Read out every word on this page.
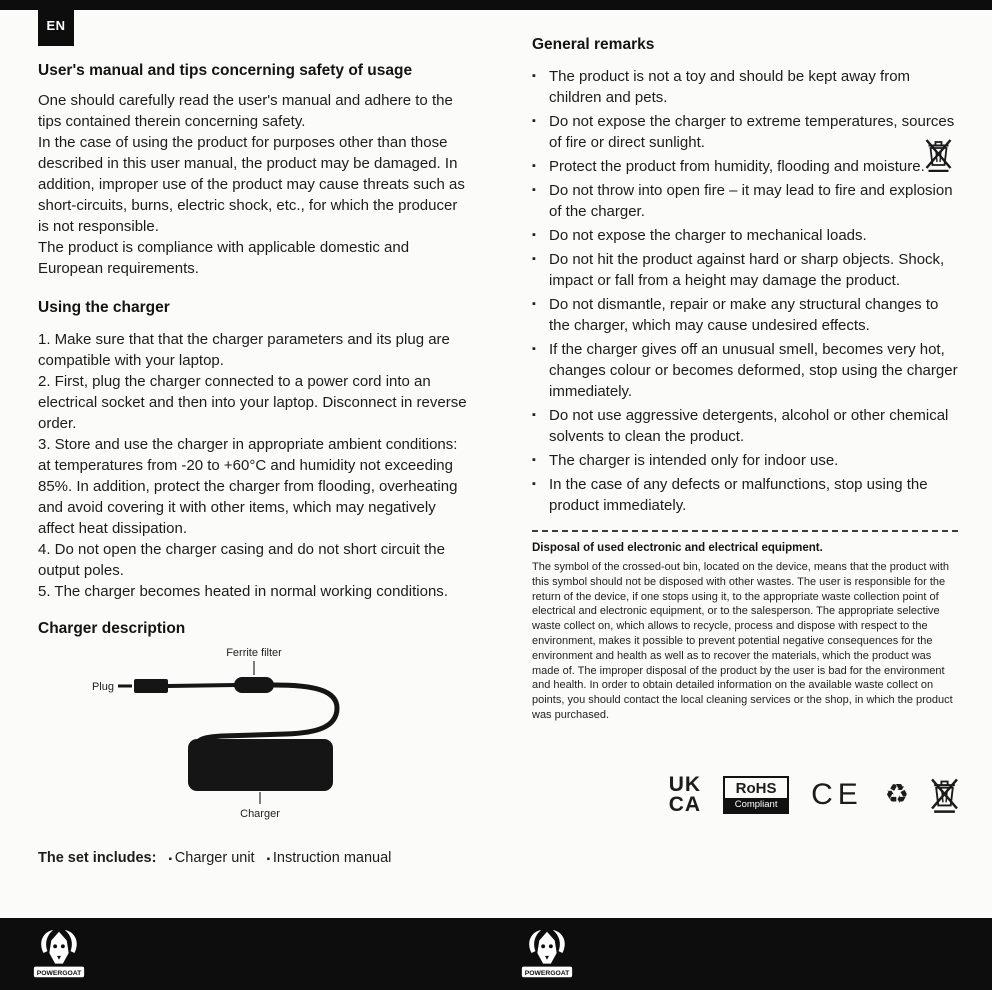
EN
User's manual and tips concerning safety of usage

One should carefully read the user's manual and adhere to the tips contained therein concerning safety.

In the case of using the product for purposes other than those described in this user manual, the product may be damaged. In addition, improper use of the product may cause threats such as short-circuits, burns, electric shock, etc., for which the producer is not responsible.

The product is compliance with applicable domestic and European requirements.

Using the charger

1. Make sure that that the charger parameters and its plug are compatible with your laptop.

2. First, plug the charger connected to a power cord into an electrical socket and then into your laptop. Disconnect in reverse order.

3. Store and use the charger in appropriate ambient conditions: at temperatures from -20 to +60°C and humidity not exceeding 85%. In addition, protect the charger from flooding, overheating and avoid covering it with other items, which may negatively affect heat dissipation.

4. Do not open the charger casing and do not short circuit the output poles.

5. The charger becomes heated in normal working conditions.

Charger description
Ferrite filter
Plug
Charger
The set includes:	▪ Charger unit	▪ Instruction manual
General remarks
▪ The product is not a toy and should be kept away from children and pets.
▪ Do not expose the charger to extreme temperatures, sources of fire or direct sunlight.
▪ Protect the product from humidity, flooding and moisture.
▪ Do not throw into open fire – it may lead to fire and explosion of the charger.
▪ Do not expose the charger to mechanical loads.
▪ Do not hit the product against hard or sharp objects. Shock, impact or fall from a height may damage the product.
▪ Do not dismantle, repair or make any structural changes to the charger, which may cause undesired effects.
▪ If the charger gives off an unusual smell, becomes very hot, changes colour or becomes deformed, stop using the charger immediately.
▪ Do not use aggressive detergents, alcohol or other chemical solvents to clean the product.
▪ The charger is intended only for indoor use.
▪ In the case of any defects or malfunctions, stop using the product immediately.
Disposal of used electronic and electrical equipment.

The symbol of the crossed-out bin, located on the device, means that the product with this symbol should not be disposed with other wastes. The user is responsible for the return of the device, if one stops using it, to the appropriate waste collection point of electrical and electronic equipment, or to the salesperson. The appropriate selective waste collect on, which allows to recycle, process and dispose with respect to the environment, makes it possible to prevent potential negative consequences for the environment and health as well as to recover the materials, which the product was made of. The improper disposal of the product by the user is bad for the environment and health. In order to obtain detailed information on the available waste collect on points, you should contact the local cleaning services or the shop, in which the product was purchased.

UK
CA
RoHS
Compliant	CE ♻
POWERGOAT	POWERGOAT
